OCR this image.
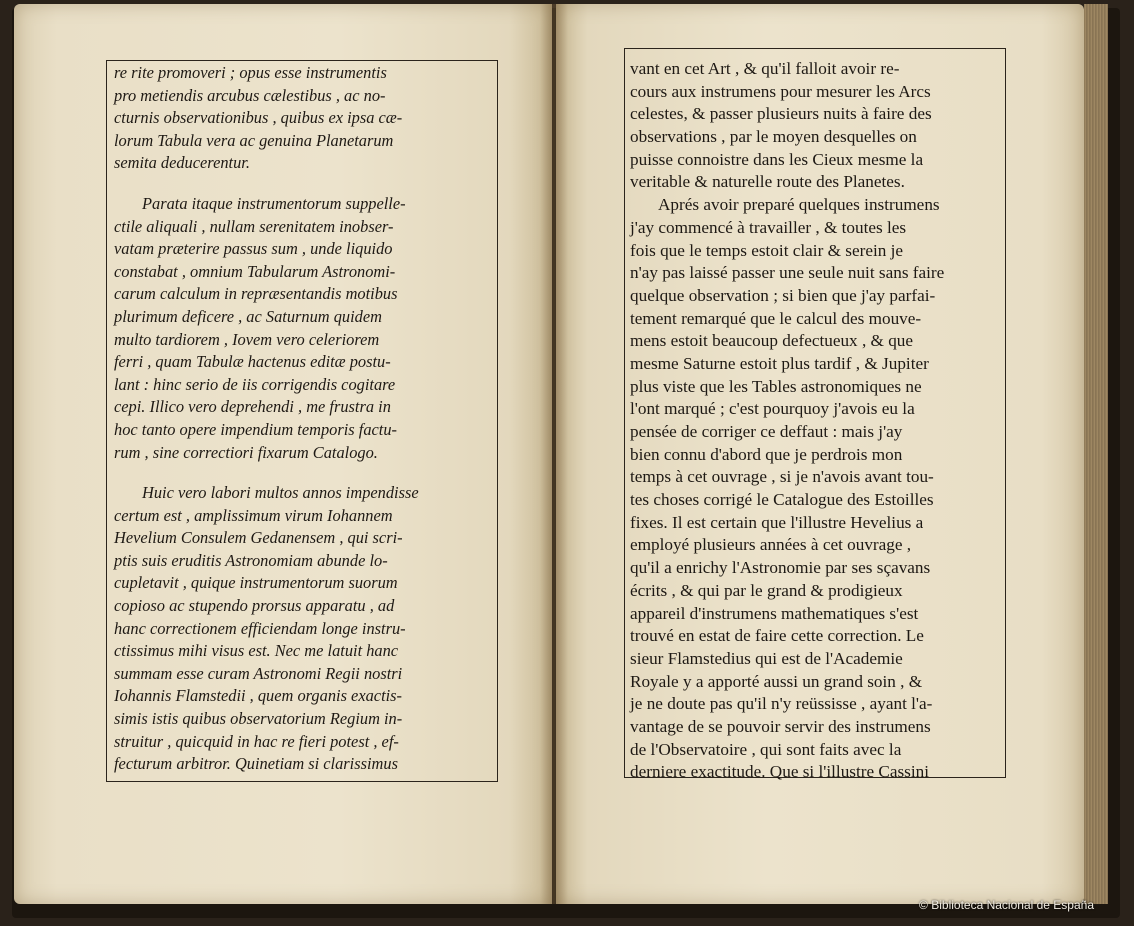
re rite promoveri ; opus esse instrumentis
pro metiendis arcubus cælestibus , ac no-
cturnis observationibus , quibus ex ipsa cæ-
lorum Tabula vera ac genuina Planetarum
semita deducerentur.
Parata itaque instrumentorum suppelle-
ctile aliquali , nullam serenitatem inobser-
vatam præterire passus sum , unde liquido
constabat , omnium Tabularum Astronomi-
carum calculum in repræsentandis motibus
plurimum deficere , ac Saturnum quidem
multo tardiorem , Iovem vero celeriorem
ferri , quam Tabulæ hactenus editæ postu-
lant : hinc serio de iis corrigendis cogitare
cepi. Illico vero deprehendi , me frustra in
hoc tanto opere impendium temporis factu-
rum , sine correctiori fixarum Catalogo.
Huic vero labori multos annos impendisse
certum est , amplissimum virum Iohannem
Hevelium Consulem Gedanensem , qui scri-
ptis suis eruditis Astronomiam abunde lo-
cupletavit , quique instrumentorum suorum
copioso ac stupendo prorsus apparatu , ad
hanc correctionem efficiendam longe instru-
ctissimus mihi visus est. Nec me latuit hanc
summam esse curam Astronomi Regii nostri
Iohannis Flamstedii , quem organis exactis-
simis istis quibus observatorium Regium in-
struitur , quicquid in hac re fieri potest , ef-
fecturum arbitror. Quinetiam si clarissimus
vant en cet Art , & qu'il falloit avoir re-
cours aux instrumens pour mesurer les Arcs
celestes, & passer plusieurs nuits à faire des
observations , par le moyen desquelles on
puisse connoistre dans les Cieux mesme la
veritable & naturelle route des Planetes.
Aprés avoir preparé quelques instrumens
j'ay commencé à travailler , & toutes les
fois que le temps estoit clair & serein je
n'ay pas laissé passer une seule nuit sans faire
quelque observation ; si bien que j'ay parfai-
tement remarqué que le calcul des mouve-
mens estoit beaucoup defectueux , & que
mesme Saturne estoit plus tardif , & Jupiter
plus viste que les Tables astronomiques ne
l'ont marqué ; c'est pourquoy j'avois eu la
pensée de corriger ce deffaut : mais j'ay
bien connu d'abord que je perdrois mon
temps à cet ouvrage , si je n'avois avant tou-
tes choses corrigé le Catalogue des Estoilles
fixes. Il est certain que l'illustre Hevelius a
employé plusieurs années à cet ouvrage ,
qu'il a enrichy l'Astronomie par ses sçavans
écrits , & qui par le grand & prodigieux
appareil d'instrumens mathematiques s'est
trouvé en estat de faire cette correction. Le
sieur Flamstedius qui est de l'Academie
Royale y a apporté aussi un grand soin , &
je ne doute pas qu'il n'y reüssisse , ayant l'a-
vantage de se pouvoir servir des instrumens
de l'Observatoire , qui sont faits avec la
derniere exactitude. Que si l'illustre Cassini
© Biblioteca Nacional de España
